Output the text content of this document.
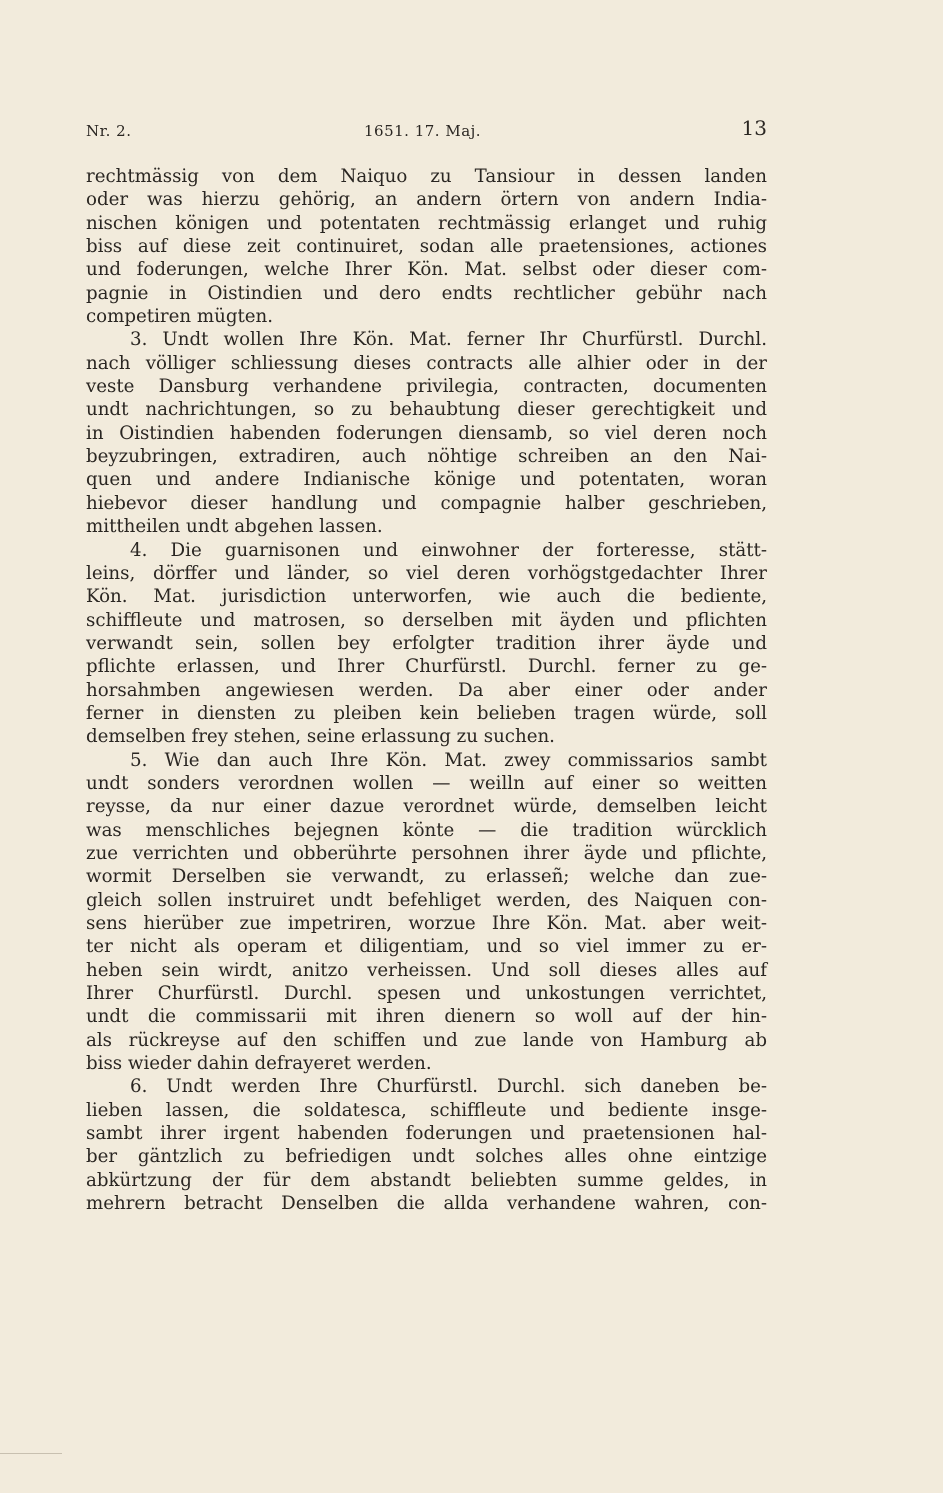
Nr. 2.	1651. 17. Maj.	13
rechtmässig von dem Naiquo zu Tansiour in dessen landen
oder was hierzu gehörig, an andern örtern von andern India-
nischen königen und potentaten rechtmässig erlanget und ruhig
biss auf diese zeit continuiret, sodan alle praetensiones, actiones
und foderungen, welche Ihrer Kön. Mat. selbst oder dieser com-
pagnie in Oistindien und dero endts rechtlicher gebühr nach
competiren mügten.
3. Undt wollen Ihre Kön. Mat. ferner Ihr Churfürstl. Durchl.
nach völliger schliessung dieses contracts alle alhier oder in der
veste Dansburg verhandene privilegia, contracten, documenten
undt nachrichtungen, so zu behaubtung dieser gerechtigkeit und
in Oistindien habenden foderungen diensamb, so viel deren noch
beyzubringen, extradiren, auch nöhtige schreiben an den Nai-
quen und andere Indianische könige und potentaten, woran
hiebevor dieser handlung und compagnie halber geschrieben,
mittheilen undt abgehen lassen.
4. Die guarnisonen und einwohner der forteresse, stätt-
leins, dörffer und länder, so viel deren vorhögstgedachter Ihrer
Kön. Mat. jurisdiction unterworfen, wie auch die bediente,
schiffleute und matrosen, so derselben mit äyden und pflichten
verwandt sein, sollen bey erfolgter tradition ihrer äyde und
pflichte erlassen, und Ihrer Churfürstl. Durchl. ferner zu ge-
horsahmben angewiesen werden. Da aber einer oder ander
ferner in diensten zu pleiben kein belieben tragen würde, soll
demselben frey stehen, seine erlassung zu suchen.
5. Wie dan auch Ihre Kön. Mat. zwey commissarios sambt
undt sonders verordnen wollen — weilln auf einer so weitten
reysse, da nur einer dazue verordnet würde, demselben leicht
was menschliches bejegnen könte — die tradition würcklich
zue verrichten und obberührte persohnen ihrer äyde und pflichte,
wormit Derselben sie verwandt, zu erlasseñ; welche dan zue-
gleich sollen instruiret undt befehliget werden, des Naiquen con-
sens hierüber zue impetriren, worzue Ihre Kön. Mat. aber weit-
ter nicht als operam et diligentiam, und so viel immer zu er-
heben sein wirdt, anitzo verheissen. Und soll dieses alles auf
Ihrer Churfürstl. Durchl. spesen und unkostungen verrichtet,
undt die commissarii mit ihren dienern so woll auf der hin-
als rückreyse auf den schiffen und zue lande von Hamburg ab
biss wieder dahin defrayeret werden.
6. Undt werden Ihre Churfürstl. Durchl. sich daneben be-
lieben lassen, die soldatesca, schiffleute und bediente insge-
sambt ihrer irgent habenden foderungen und praetensionen hal-
ber gäntzlich zu befriedigen undt solches alles ohne eintzige
abkürtzung der für dem abstandt beliebten summe geldes, in
mehrern betracht Denselben die allda verhandene wahren, con-
